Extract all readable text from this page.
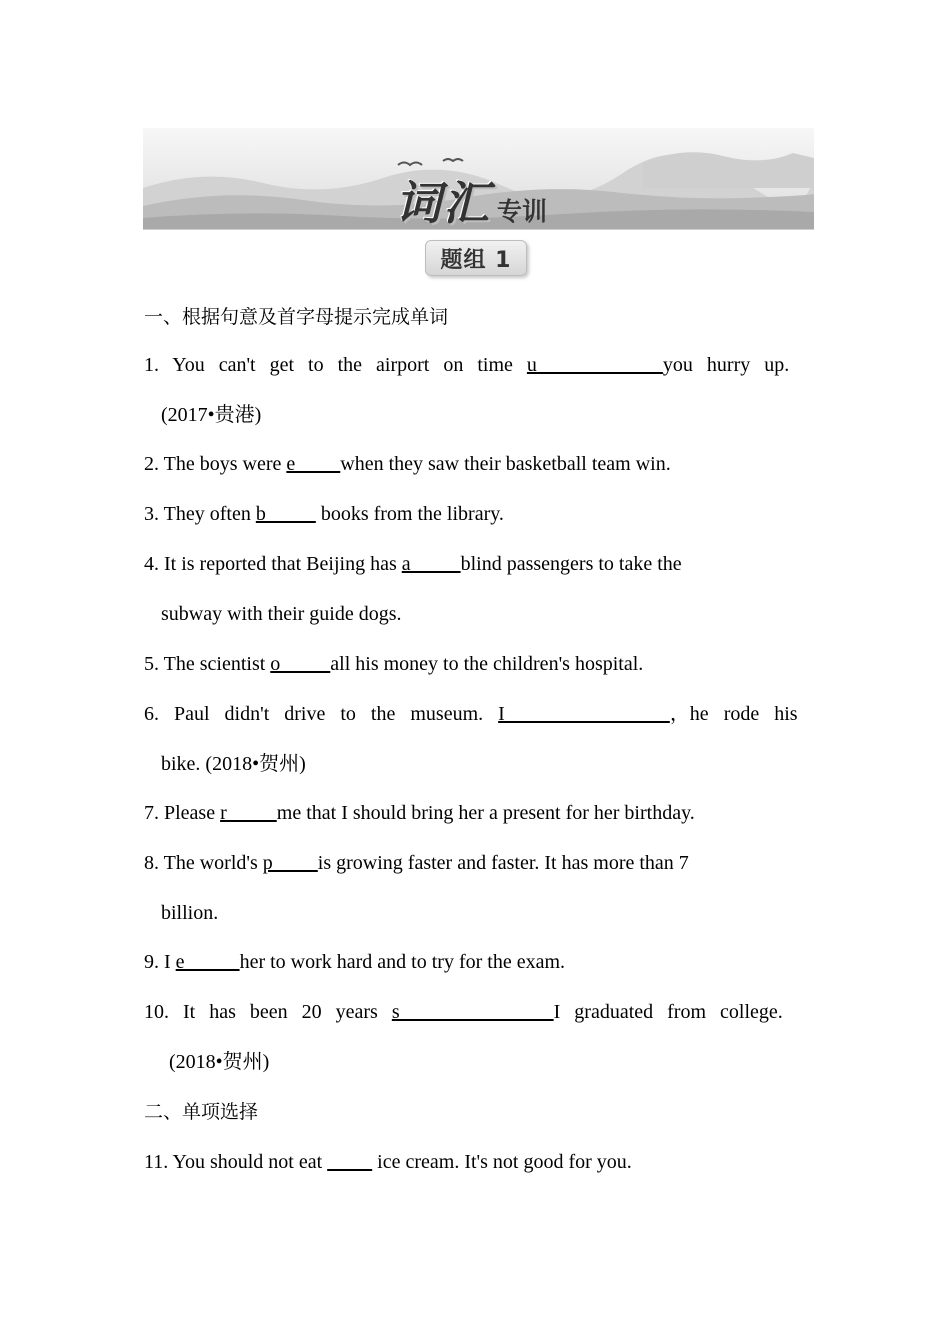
词汇 专训
题组 1
一、根据句意及首字母提示完成单词
1. You can't get to the airport on time u         you hurry up.
(2017•贵港)
2. The boys were e         when they saw their basketball team win.
3. They often b           books from the library.
4. It is reported that Beijing has a          blind passengers to take the
subway with their guide dogs.
5. The scientist o          all his money to the children's hospital.
6. Paul didn't drive to the museum. I           ，he rode his
bike. (2018•贺州)
7. Please r          me that I should bring her a present for her birthday.
8. The world's p         is growing faster and faster. It has more than 7
billion.
9. I e           her to work hard and to try for the exam.
10. It has been 20 years s           I graduated from college.
(2018•贺州)
二、单项选择
11. You should not eat           ice cream. It's not good for you.
